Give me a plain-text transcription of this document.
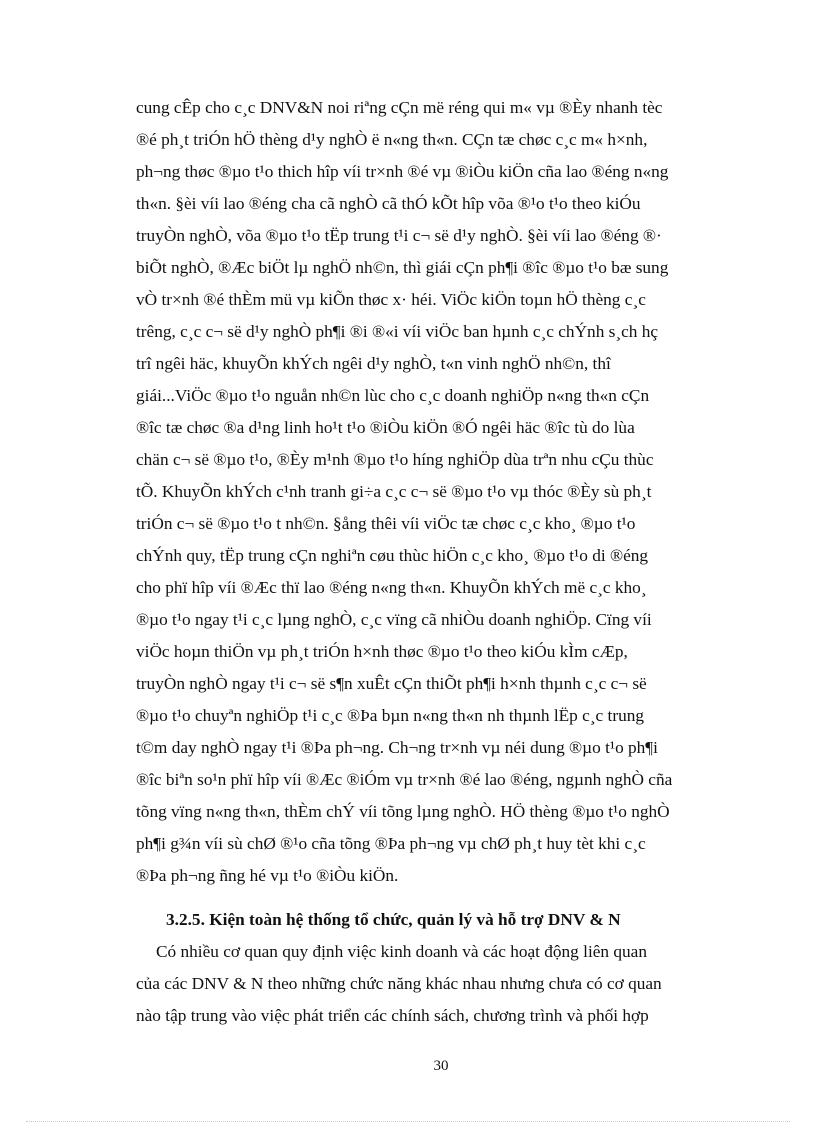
cung cÊp cho c¸c DNV&N noi riªng cÇn më réng qui m« vµ ®Èy nhanh tèc
®é ph¸t triÓn hÖ thèng d¹y nghÒ ë n«ng th«n. CÇn tæ chøc c¸c m« h×nh,
ph¬ng thøc ®µo t¹o thich hîp víi tr×nh ®é vµ ®iÒu kiÖn cña lao ®éng n«ng
th«n. §èi víi lao ®éng cha cã nghÒ cã thÓ kÕt hîp võa ®¹o t¹o theo kiÓu
truyÒn nghÒ, võa ®µo t¹o tËp trung t¹i c¬ së d¹y nghÒ. §èi víi lao ®éng ®·
biÕt nghÒ, ®Æc biÖt lµ nghÖ nh©n, thì giái cÇn ph¶i ®îc ®µo t¹o bæ sung
vÒ tr×nh ®é thÈm mü vµ kiÕn thøc x· héi. ViÖc kiÖn toµn hÖ thèng c¸c
trêng, c¸c c¬ së d¹y nghÒ ph¶i ®i ®«i víi viÖc ban hµnh c¸c chÝnh s¸ch hç
trî ngêi häc, khuyÕn khÝch ngêi d¹y nghÒ, t«n vinh nghÖ nh©n, thî
giái...ViÖc ®µo t¹o nguån nh©n lùc cho c¸c doanh nghiÖp n«ng th«n cÇn
®îc tæ chøc ®a d¹ng linh ho¹t t¹o ®iÒu kiÖn ®Ó ngêi häc ®îc tù do lùa
chän c¬ së ®µo t¹o, ®Èy m¹nh ®µo t¹o híng nghiÖp dùa trªn nhu cÇu thùc
tÕ. KhuyÕn khÝch c¹nh tranh gi÷a c¸c c¬ së ®µo t¹o vµ thóc ®Èy sù ph¸t
triÓn c¬ së ®µo t¹o t nh©n. §ång thêi víi viÖc tæ chøc c¸c kho¸ ®µo t¹o
chÝnh quy, tËp trung cÇn nghiªn cøu thùc hiÖn c¸c kho¸ ®µo t¹o di ®éng
cho phï hîp víi ®Æc thï lao ®éng n«ng th«n. KhuyÕn khÝch më c¸c kho¸
®µo t¹o ngay t¹i c¸c lµng nghÒ, c¸c vïng cã nhiÒu doanh nghiÖp. Cïng víi
viÖc hoµn thiÖn vµ ph¸t triÓn h×nh thøc ®µo t¹o theo kiÓu kÌm cÆp,
truyÒn nghÒ ngay t¹i c¬ së s¶n xuÊt cÇn thiÕt ph¶i h×nh thµnh c¸c c¬ së
®µo t¹o chuyªn nghiÖp t¹i c¸c ®Þa bµn n«ng th«n nh thµnh lËp c¸c trung
t©m day nghÒ ngay t¹i ®Þa ph¬ng. Ch¬ng tr×nh vµ néi dung ®µo t¹o ph¶i
®îc biªn so¹n phï hîp víi ®Æc ®iÓm vµ tr×nh ®é lao ®éng, ngµnh nghÒ cña
tõng vïng n«ng th«n, thÈm chÝ víi tõng lµng nghÒ. HÖ thèng ®µo t¹o nghÒ
ph¶i g¾n víi sù chØ ®¹o cña tõng ®Þa ph¬ng vµ chØ ph¸t huy tèt khi c¸c
®Þa ph¬ng ñng hé vµ t¹o ®iÒu kiÖn.
3.2.5. Kiện toàn hệ thống tổ chức, quản lý và hỗ trợ DNV & N
Có nhiều cơ quan quy định việc kinh doanh và các hoạt động liên quan
của các DNV & N theo những chức năng khác nhau nhưng chưa có cơ quan
nào tập trung vào việc phát triển các chính sách, chương trình và phối hợp
30
